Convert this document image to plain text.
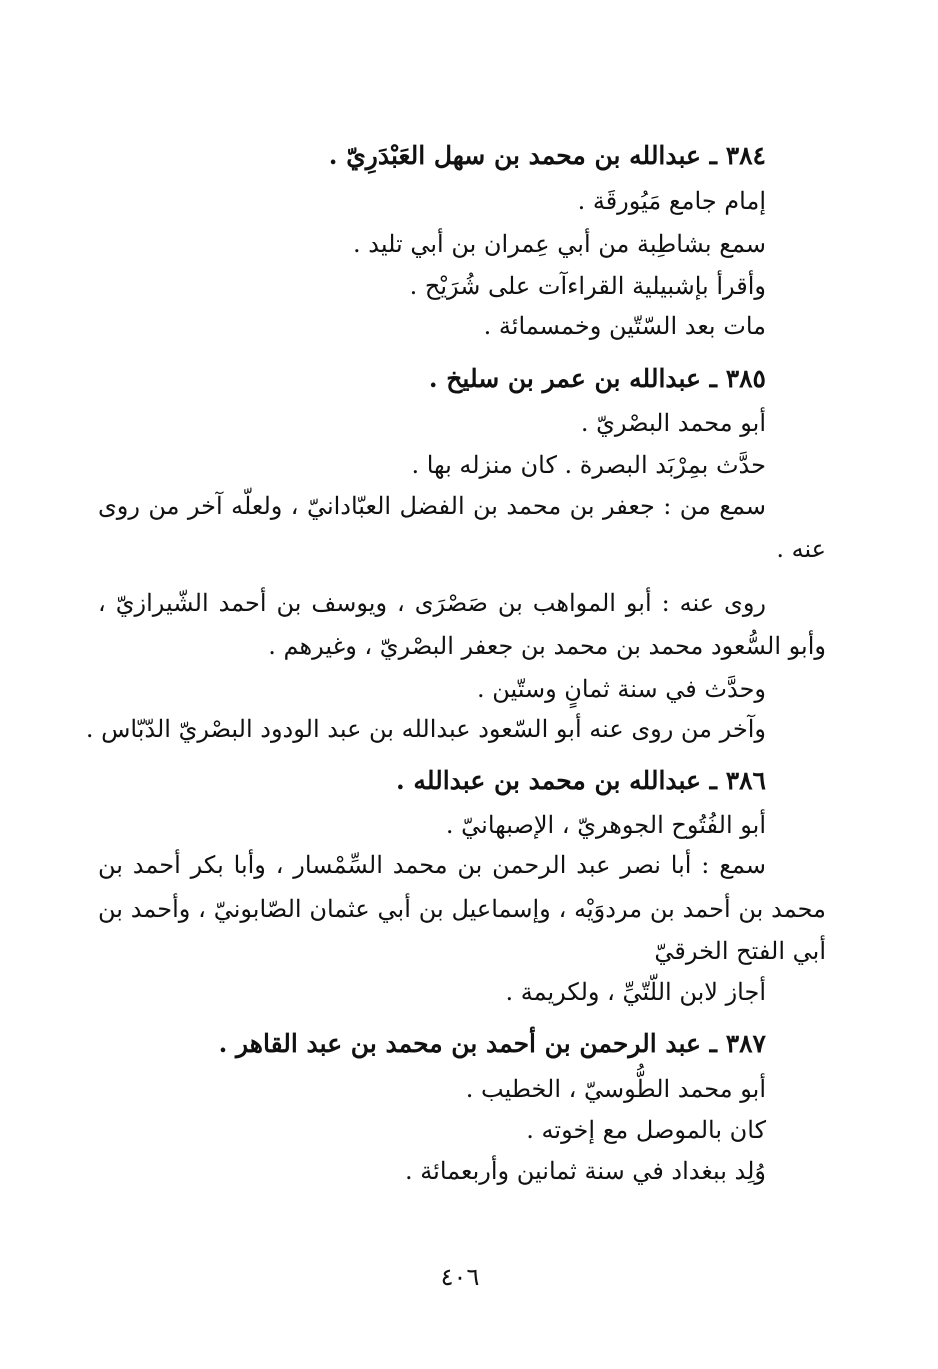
٣٨٤ ـ عبدالله بن محمد بن سهل العَبْدَرِيّ .
إمام جامع مَيُورقَة .
سمع بشاطِبة من أبي عِمران بن أبي تليد .
وأقرأ بإشبيلية القراءآت على شُرَيْح .
مات بعد السّتّين وخمسمائة .
٣٨٥ ـ عبدالله بن عمر بن سليخ .
أبو محمد البصْريّ .
حدَّث بمِرْبَد البصرة . كان منزله بها .
سمع من : جعفر بن محمد بن الفضل العبّادانيّ ، ولعلّه آخر من روى
عنه .
روى عنه : أبو المواهب بن صَصْرَى ، ويوسف بن أحمد الشّيرازيّ ،
وأبو السُّعود محمد بن محمد بن جعفر البصْريّ ، وغيرهم .
وحدَّث في سنة ثمانٍ وستّين .
وآخر من روى عنه أبو السّعود عبدالله بن عبد الودود البصْريّ الدّبّاس .
٣٨٦ ـ عبدالله بن محمد بن عبدالله .
أبو الفُتُوح الجوهريّ ، الإصبهانيّ .
سمع : أبا نصر عبد الرحمن بن محمد السِّمْسار ، وأبا بكر أحمد بن
محمد بن أحمد بن مردوَيْه ، وإسماعيل بن أبي عثمان الصّابونيّ ، وأحمد بن
أبي الفتح الخرقيّ
أجاز لابن اللّتّيِّ ، ولكريمة .
٣٨٧ ـ عبد الرحمن بن أحمد بن محمد بن عبد القاهر .
أبو محمد الطُّوسيّ ، الخطيب .
كان بالموصل مع إخوته .
وُلِد ببغداد في سنة ثمانين وأربعمائة .
٤٠٦
